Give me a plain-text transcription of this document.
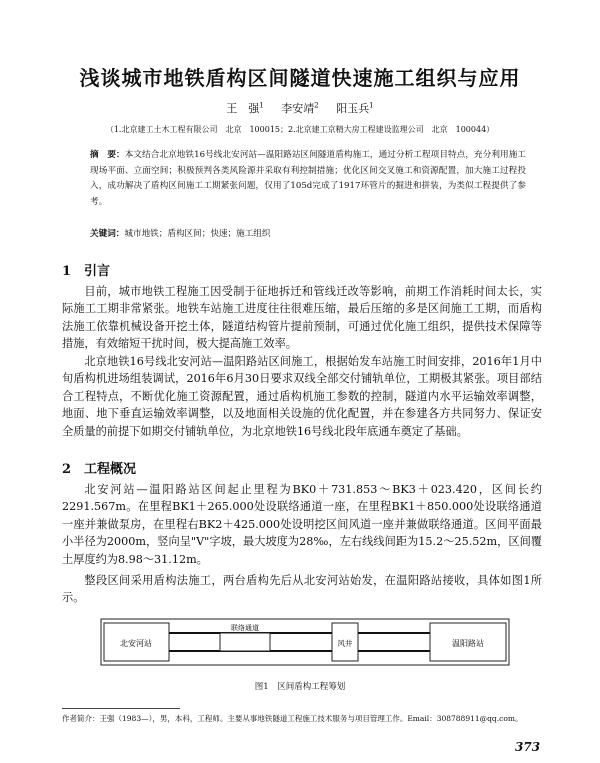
浅谈城市地铁盾构区间隧道快速施工组织与应用
王　强$^1$ 李安靖$^2$ 阳玉兵$^1$
（1.北京建工土木工程有限公司　北京　100015；2.北京建工京精大房工程建设监理公司　北京　100044）
摘　要：本文结合北京地铁16号线北安河站—温阳路站区间隧道盾构施工，通过分析工程项目特点，充分利用施工现场平面、立面空间；积极预判各类风险源并采取有利控制措施；优化区间交叉施工和资源配置，加大施工过程投入，成功解决了盾构区间施工工期紧张问题，仅用了105d完成了1917环管片的掘进和拼装，为类似工程提供了参考。
关键词：城市地铁；盾构区间；快速；施工组织
1 引言
目前，城市地铁工程施工因受制于征地拆迁和管线迁改等影响，前期工作消耗时间太长，实际施工工期非常紧张。地铁车站施工进度往往很难压缩，最后压缩的多是区间施工工期，而盾构法施工依靠机械设备开挖土体，隧道结构管片提前预制，可通过优化施工组织，提供技术保障等措施，有效缩短干扰时间，极大提高施工效率。
北京地铁16号线北安河站—温阳路站区间施工，根据始发车站施工时间安排，2016年1月中旬盾构机进场组装调试，2016年6月30日要求双线全部交付铺轨单位，工期极其紧张。项目部结合工程特点，不断优化施工资源配置，通过盾构机施工参数的控制，隧道内水平运输效率调整，地面、地下垂直运输效率调整，以及地面相关设施的优化配置，并在参建各方共同努力、保证安全质量的前提下如期交付铺轨单位，为北京地铁16号线北段年底通车奠定了基础。
2 工程概况
北安河站—温阳路站区间起止里程为BK0＋731.853～BK3＋023.420，区间长约2291.567m。在里程BK1＋265.000处设联络通道一座，在里程BK1＋850.000处设联络通道一座并兼做泵房，在里程右BK2＋425.000处设明挖区间风道一座并兼做联络通道。区间平面最小半径为2000m，竖向呈"V"字坡，最大坡度为28‰，左右线线间距为15.2～25.52m，区间覆土厚度约为8.98～31.12m。
整段区间采用盾构法施工，两台盾构先后从北安河站始发，在温阳路站接收，具体如图1所示。
北安河站	温阳路站
风井
联络通道
图1　区间盾构工程筹划
作者简介：王强（1983—），男，本科，工程师。主要从事地铁隧道工程施工技术服务与项目管理工作。Email：308788911@qq.com。
373
